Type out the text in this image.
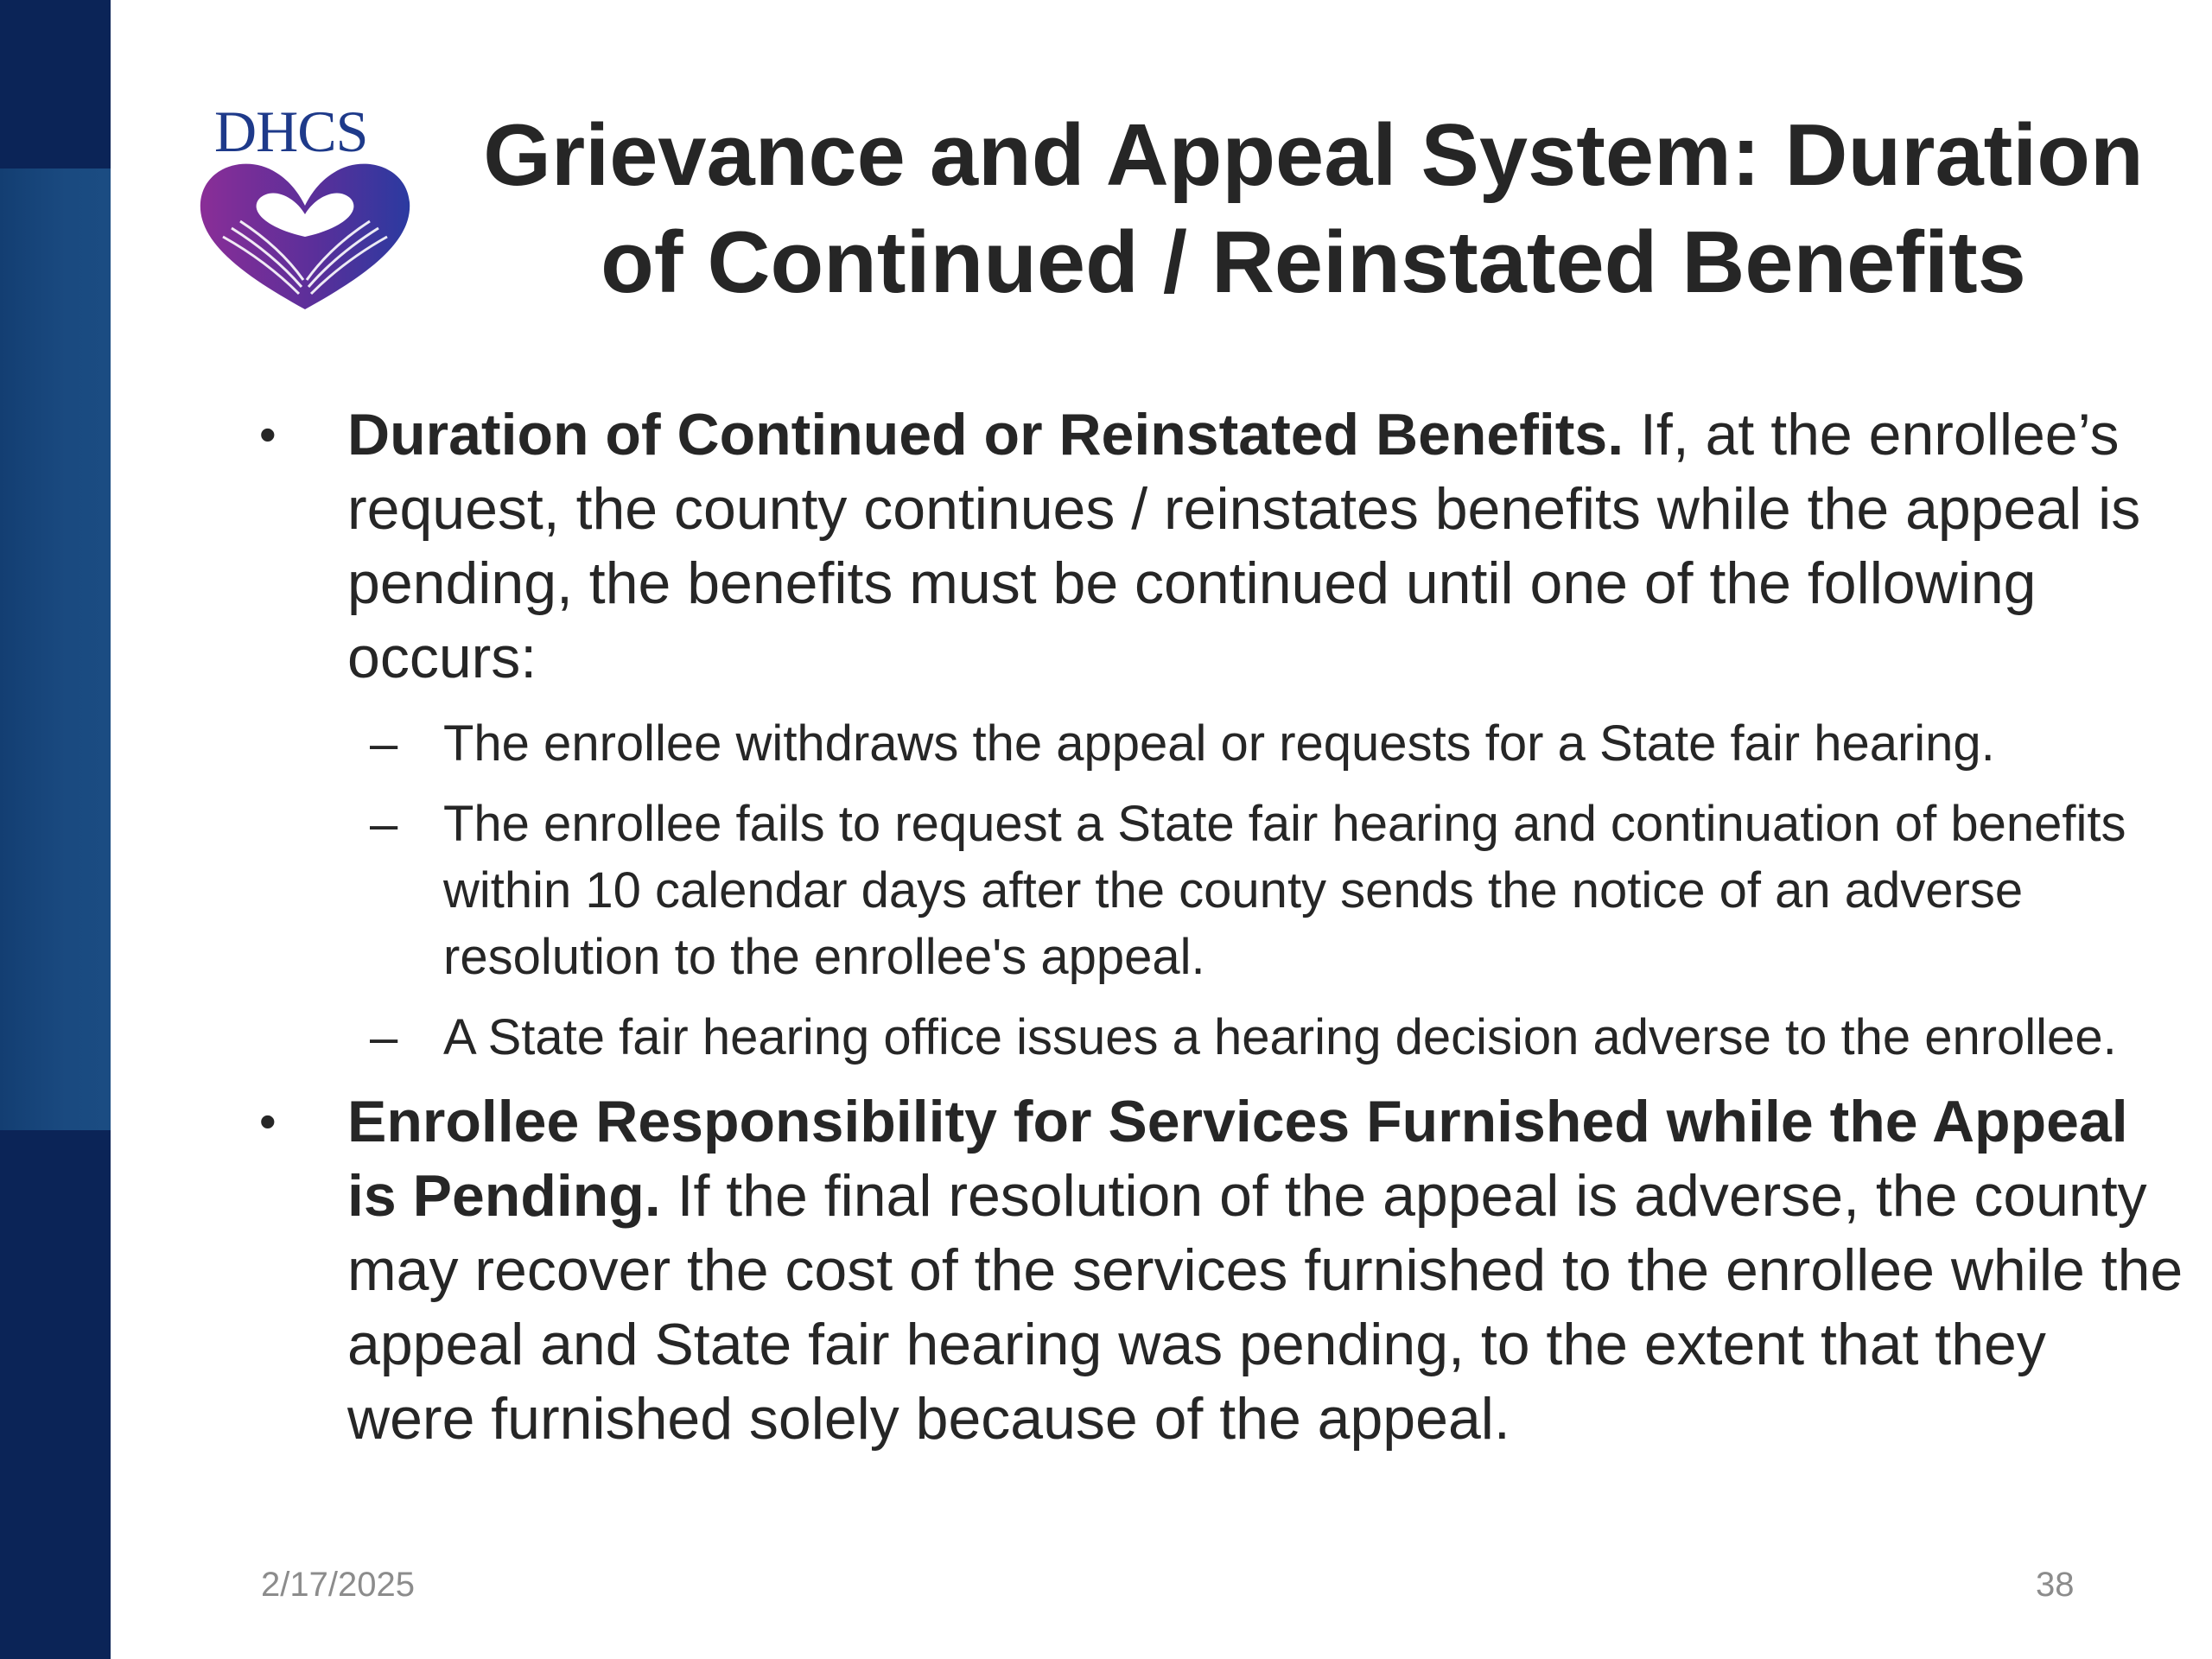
DHCS	Grievance and Appeal System: Duration
of Continued / Reinstated Benefits

• Duration of Continued or Reinstated Benefits. If, at the enrollee’s request, the county continues / reinstates benefits while the appeal is pending, the benefits must be continued until one of the following occurs:

– The enrollee withdraws the appeal or requests for a State fair hearing.

– The enrollee fails to request a State fair hearing and continuation of benefits within 10 calendar days after the county sends the notice of an adverse resolution to the enrollee's appeal.

– A State fair hearing office issues a hearing decision adverse to the enrollee.

• Enrollee Responsibility for Services Furnished while the Appeal is Pending. If the final resolution of the appeal is adverse, the county may recover the cost of the services furnished to the enrollee while the appeal and State fair hearing was pending, to the extent that they were furnished solely because of the appeal.

2/17/2025	38
